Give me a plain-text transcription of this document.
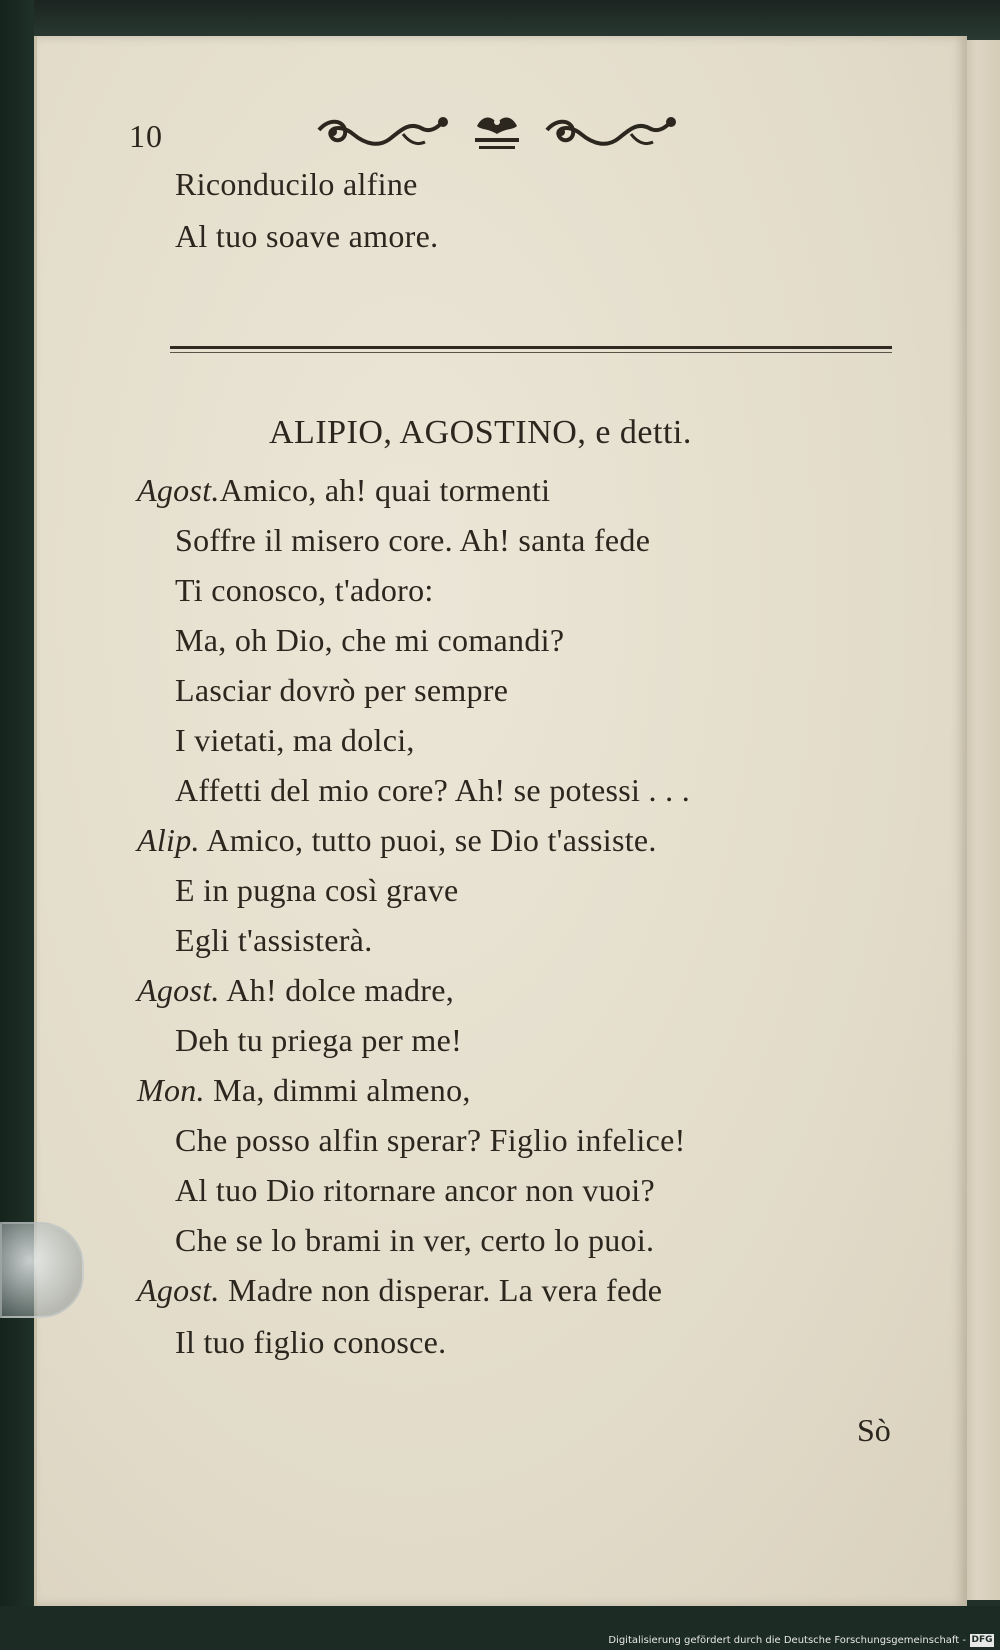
Digitalisierung gefördert durch die Deutsche Forschungsgemeinschaft - DFG
10
Riconducilo alfine
Al tuo soave amore.
ALIPIO, AGOSTINO, e detti.
Agost.Amico, ah! quai tormenti
Soffre il misero core. Ah! santa fede
Ti conosco, t'adoro:
Ma, oh Dio, che mi comandi?
Lasciar dovrò per sempre
I vietati, ma dolci,
Affetti del mio core? Ah! se potessi . . .
Alip. Amico, tutto puoi, se Dio t'assiste.
E in pugna così grave
Egli t'assisterà.
Agost. Ah! dolce madre,
Deh tu priega per me!
Mon. Ma, dimmi almeno,
Che posso alfin sperar? Figlio infelice!
Al tuo Dio ritornare ancor non vuoi?
Che se lo brami in ver, certo lo puoi.
Agost. Madre non disperar. La vera fede
Il tuo figlio conosce.
Sò
